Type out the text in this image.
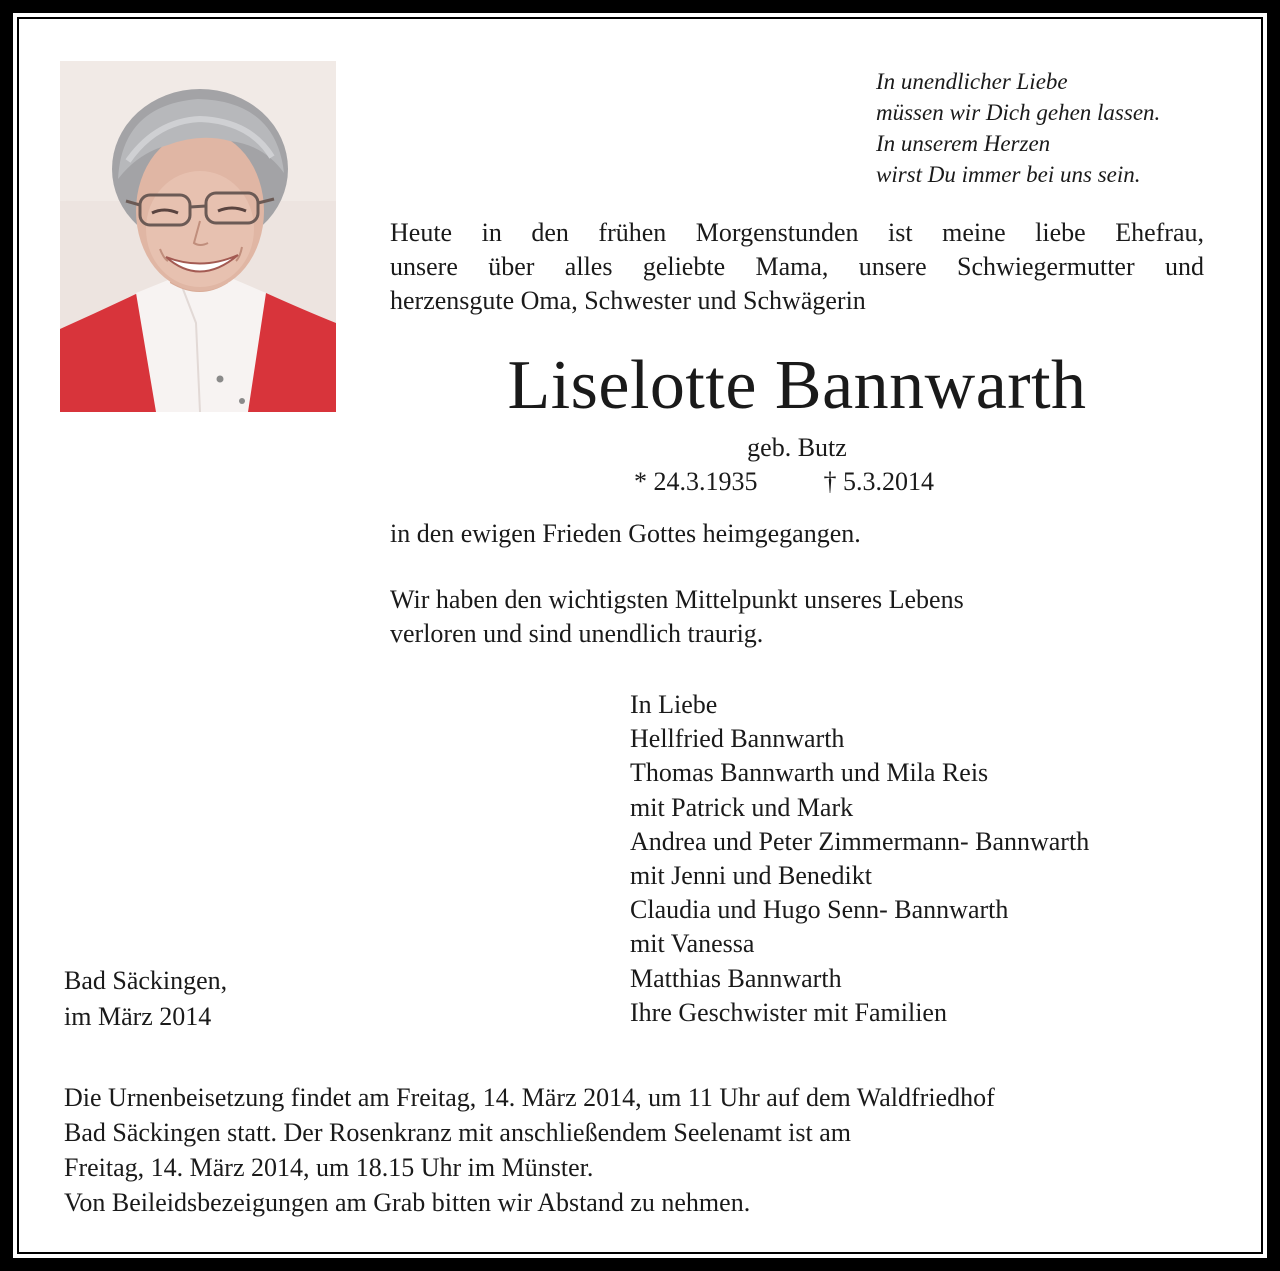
In unendlicher Liebe
müssen wir Dich gehen lassen.
In unserem Herzen
wirst Du immer bei uns sein.
Heute in den frühen Morgenstunden ist meine liebe Ehefrau,
unsere über alles geliebte Mama, unsere Schwiegermutter und
herzensgute Oma, Schwester und Schwägerin
Liselotte Bannwarth
geb. Butz
* 24.3.1935	† 5.3.2014
in den ewigen Frieden Gottes heimgegangen.
Wir haben den wichtigsten Mittelpunkt unseres Lebens
verloren und sind unendlich traurig.
In Liebe
Hellfried Bannwarth
Thomas Bannwarth und Mila Reis
mit Patrick und Mark
Andrea und Peter Zimmermann- Bannwarth
mit Jenni und Benedikt
Claudia und Hugo Senn- Bannwarth
mit Vanessa
Matthias Bannwarth
Ihre Geschwister mit Familien
Bad Säckingen,
im März 2014
Die Urnenbeisetzung findet am Freitag, 14. März 2014, um 11 Uhr auf dem Waldfriedhof
Bad Säckingen statt. Der Rosenkranz mit anschließendem Seelenamt ist am
Freitag, 14. März 2014, um 18.15 Uhr im Münster.
Von Beileidsbezeigungen am Grab bitten wir Abstand zu nehmen.
